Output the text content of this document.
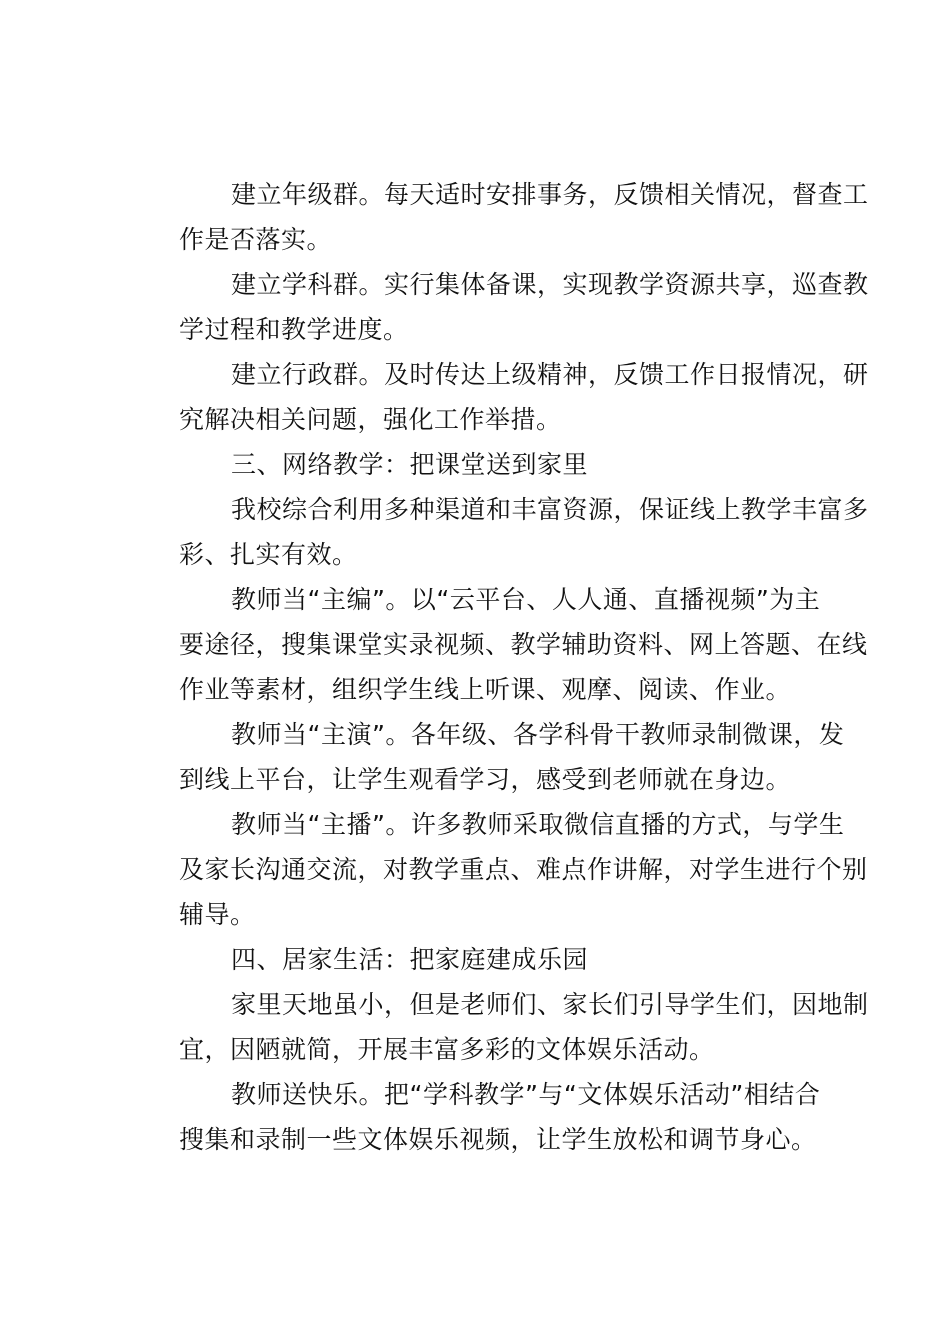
建立年级群。每天适时安排事务，反馈相关情况，督查工
作是否落实。
建立学科群。实行集体备课，实现教学资源共享，巡查教
学过程和教学进度。
建立行政群。及时传达上级精神，反馈工作日报情况，研
究解决相关问题，强化工作举措。
三、网络教学：把课堂送到家里
我校综合利用多种渠道和丰富资源，保证线上教学丰富多
彩、扎实有效。
教师当“主编”。以“云平台、人人通、直播视频”为主
要途径，搜集课堂实录视频、教学辅助资料、网上答题、在线
作业等素材，组织学生线上听课、观摩、阅读、作业。
教师当“主演”。各年级、各学科骨干教师录制微课，发
到线上平台，让学生观看学习，感受到老师就在身边。
教师当“主播”。许多教师采取微信直播的方式，与学生
及家长沟通交流，对教学重点、难点作讲解，对学生进行个别
辅导。
四、居家生活：把家庭建成乐园
家里天地虽小，但是老师们、家长们引导学生们，因地制
宜，因陋就简，开展丰富多彩的文体娱乐活动。
教师送快乐。把“学科教学”与“文体娱乐活动”相结合
搜集和录制一些文体娱乐视频，让学生放松和调节身心。
